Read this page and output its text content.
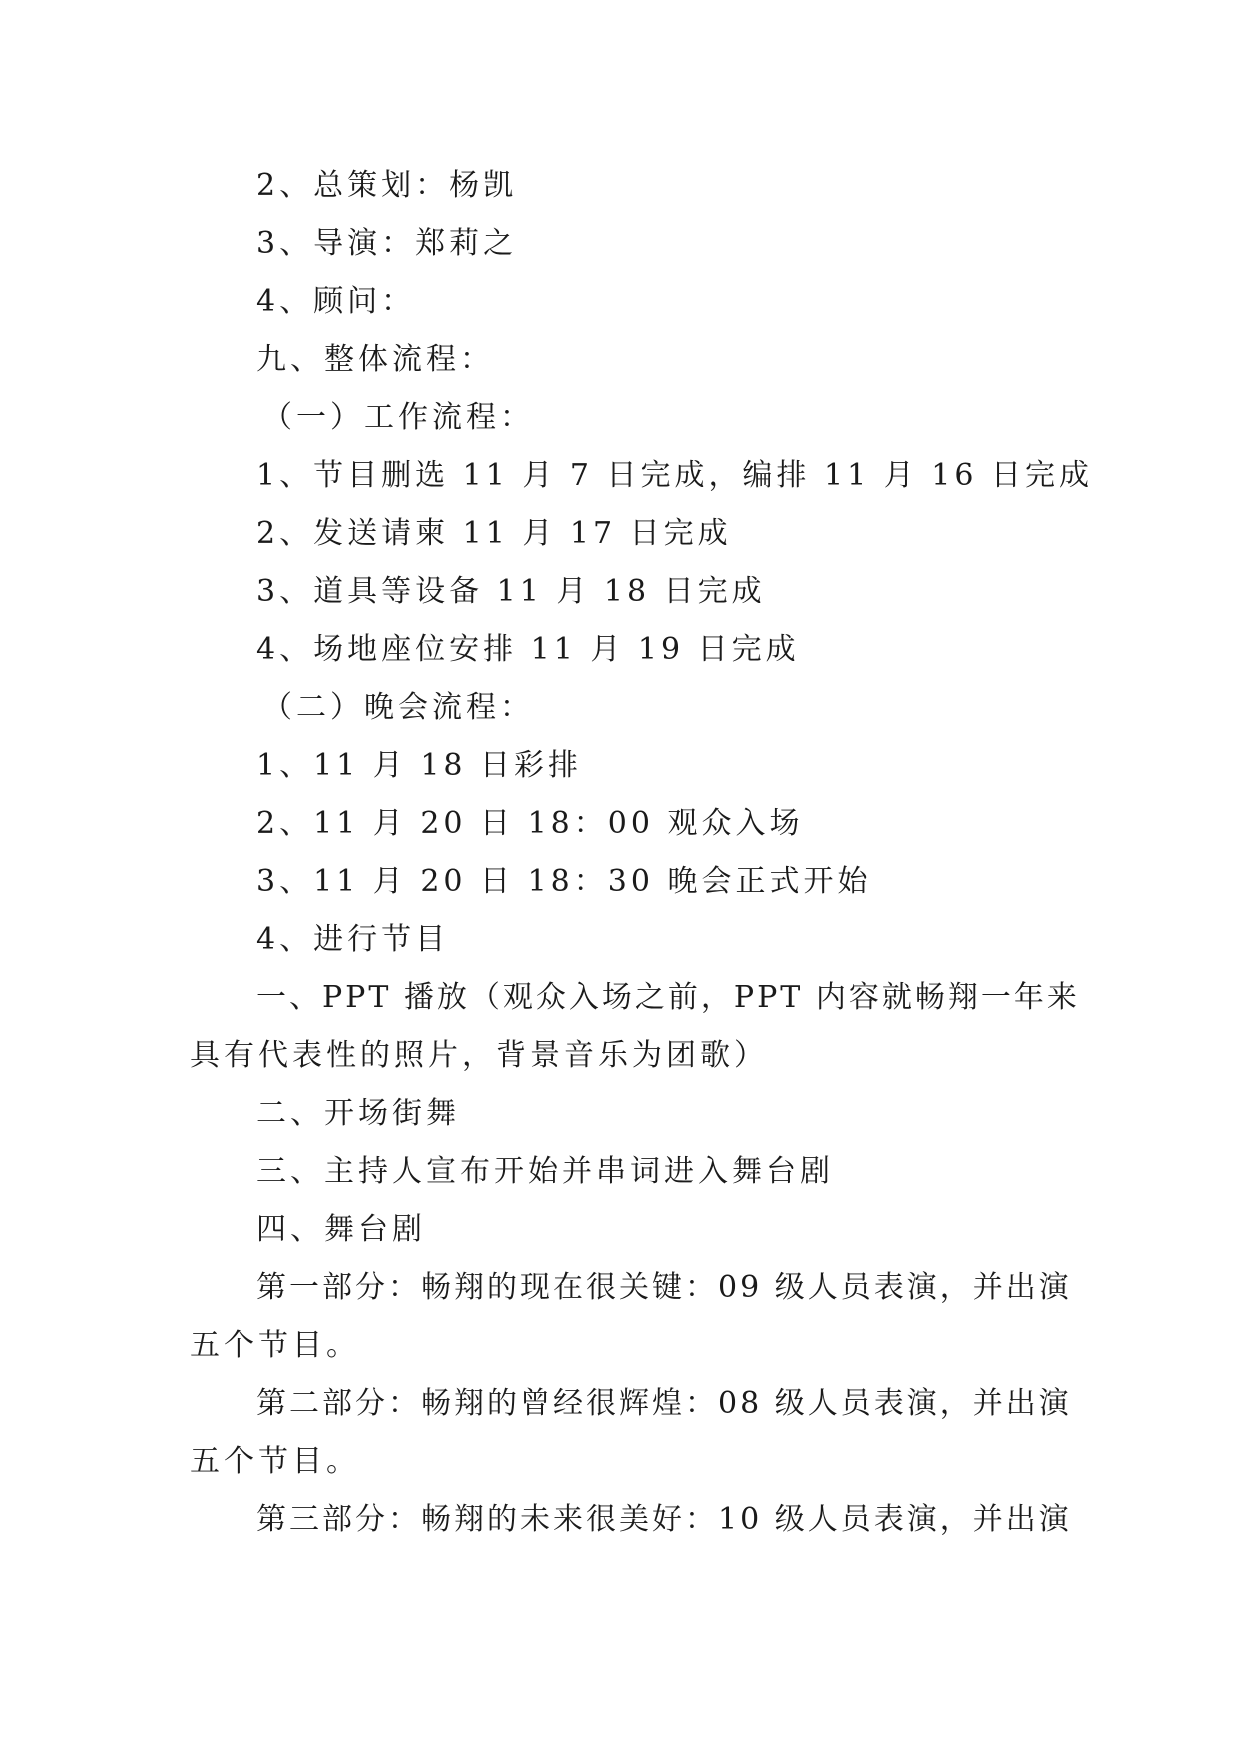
2、总策划：杨凯
3、导演：郑莉之
4、顾问：
九、整体流程：
（一）工作流程：
1、节目删选 11 月 7 日完成，编排 11 月 16 日完成
2、发送请柬 11 月 17 日完成
3、道具等设备 11 月 18 日完成
4、场地座位安排 11 月 19 日完成
（二）晚会流程：
1、11 月 18 日彩排
2、11 月 20 日 18：00 观众入场
3、11 月 20 日 18：30 晚会正式开始
4、进行节目
一、PPT 播放（观众入场之前，PPT 内容就畅翔一年来
具有代表性的照片，背景音乐为团歌）
二、开场街舞
三、主持人宣布开始并串词进入舞台剧
四、舞台剧
第一部分：畅翔的现在很关键：09 级人员表演，并出演
五个节目。
第二部分：畅翔的曾经很辉煌：08 级人员表演，并出演
五个节目。
第三部分：畅翔的未来很美好：10 级人员表演，并出演
